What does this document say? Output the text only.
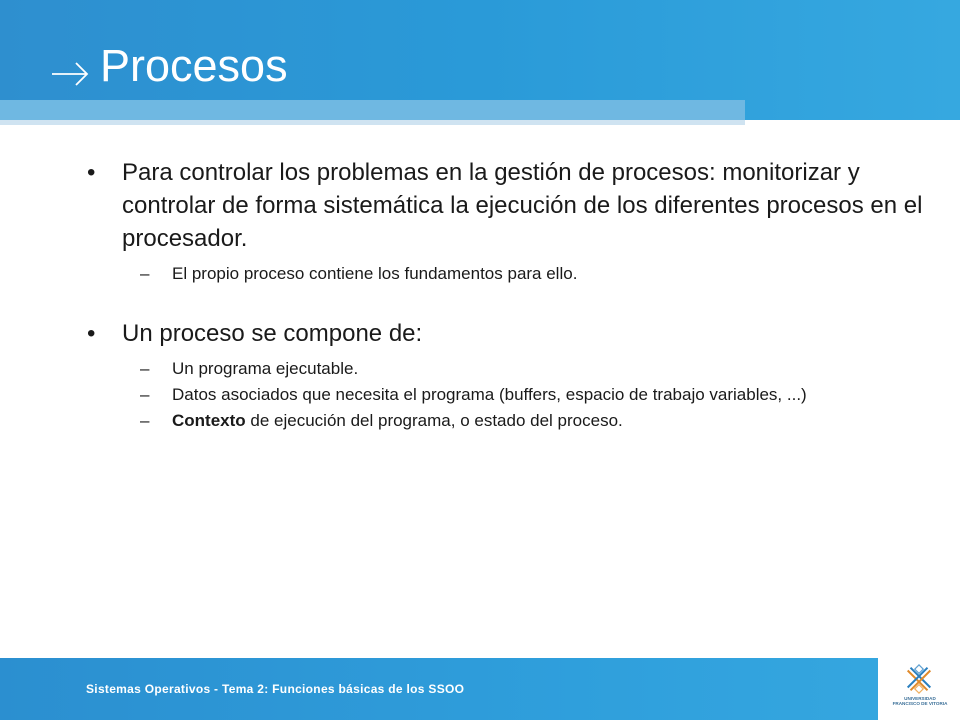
Procesos
• Para controlar los problemas en la gestión de procesos: monitorizar y controlar de forma sistemática la ejecución de los diferentes procesos en el procesador.
– El propio proceso contiene los fundamentos para ello.
• Un proceso se compone de:
– Un programa ejecutable.
– Datos asociados que necesita el programa (buffers, espacio de trabajo variables, ...)
– Contexto de ejecución del programa, o estado del proceso.
Sistemas Operativos - Tema 2: Funciones básicas de los SSOO
UNIVERSIDAD
FRANCISCO DE VITORIA
